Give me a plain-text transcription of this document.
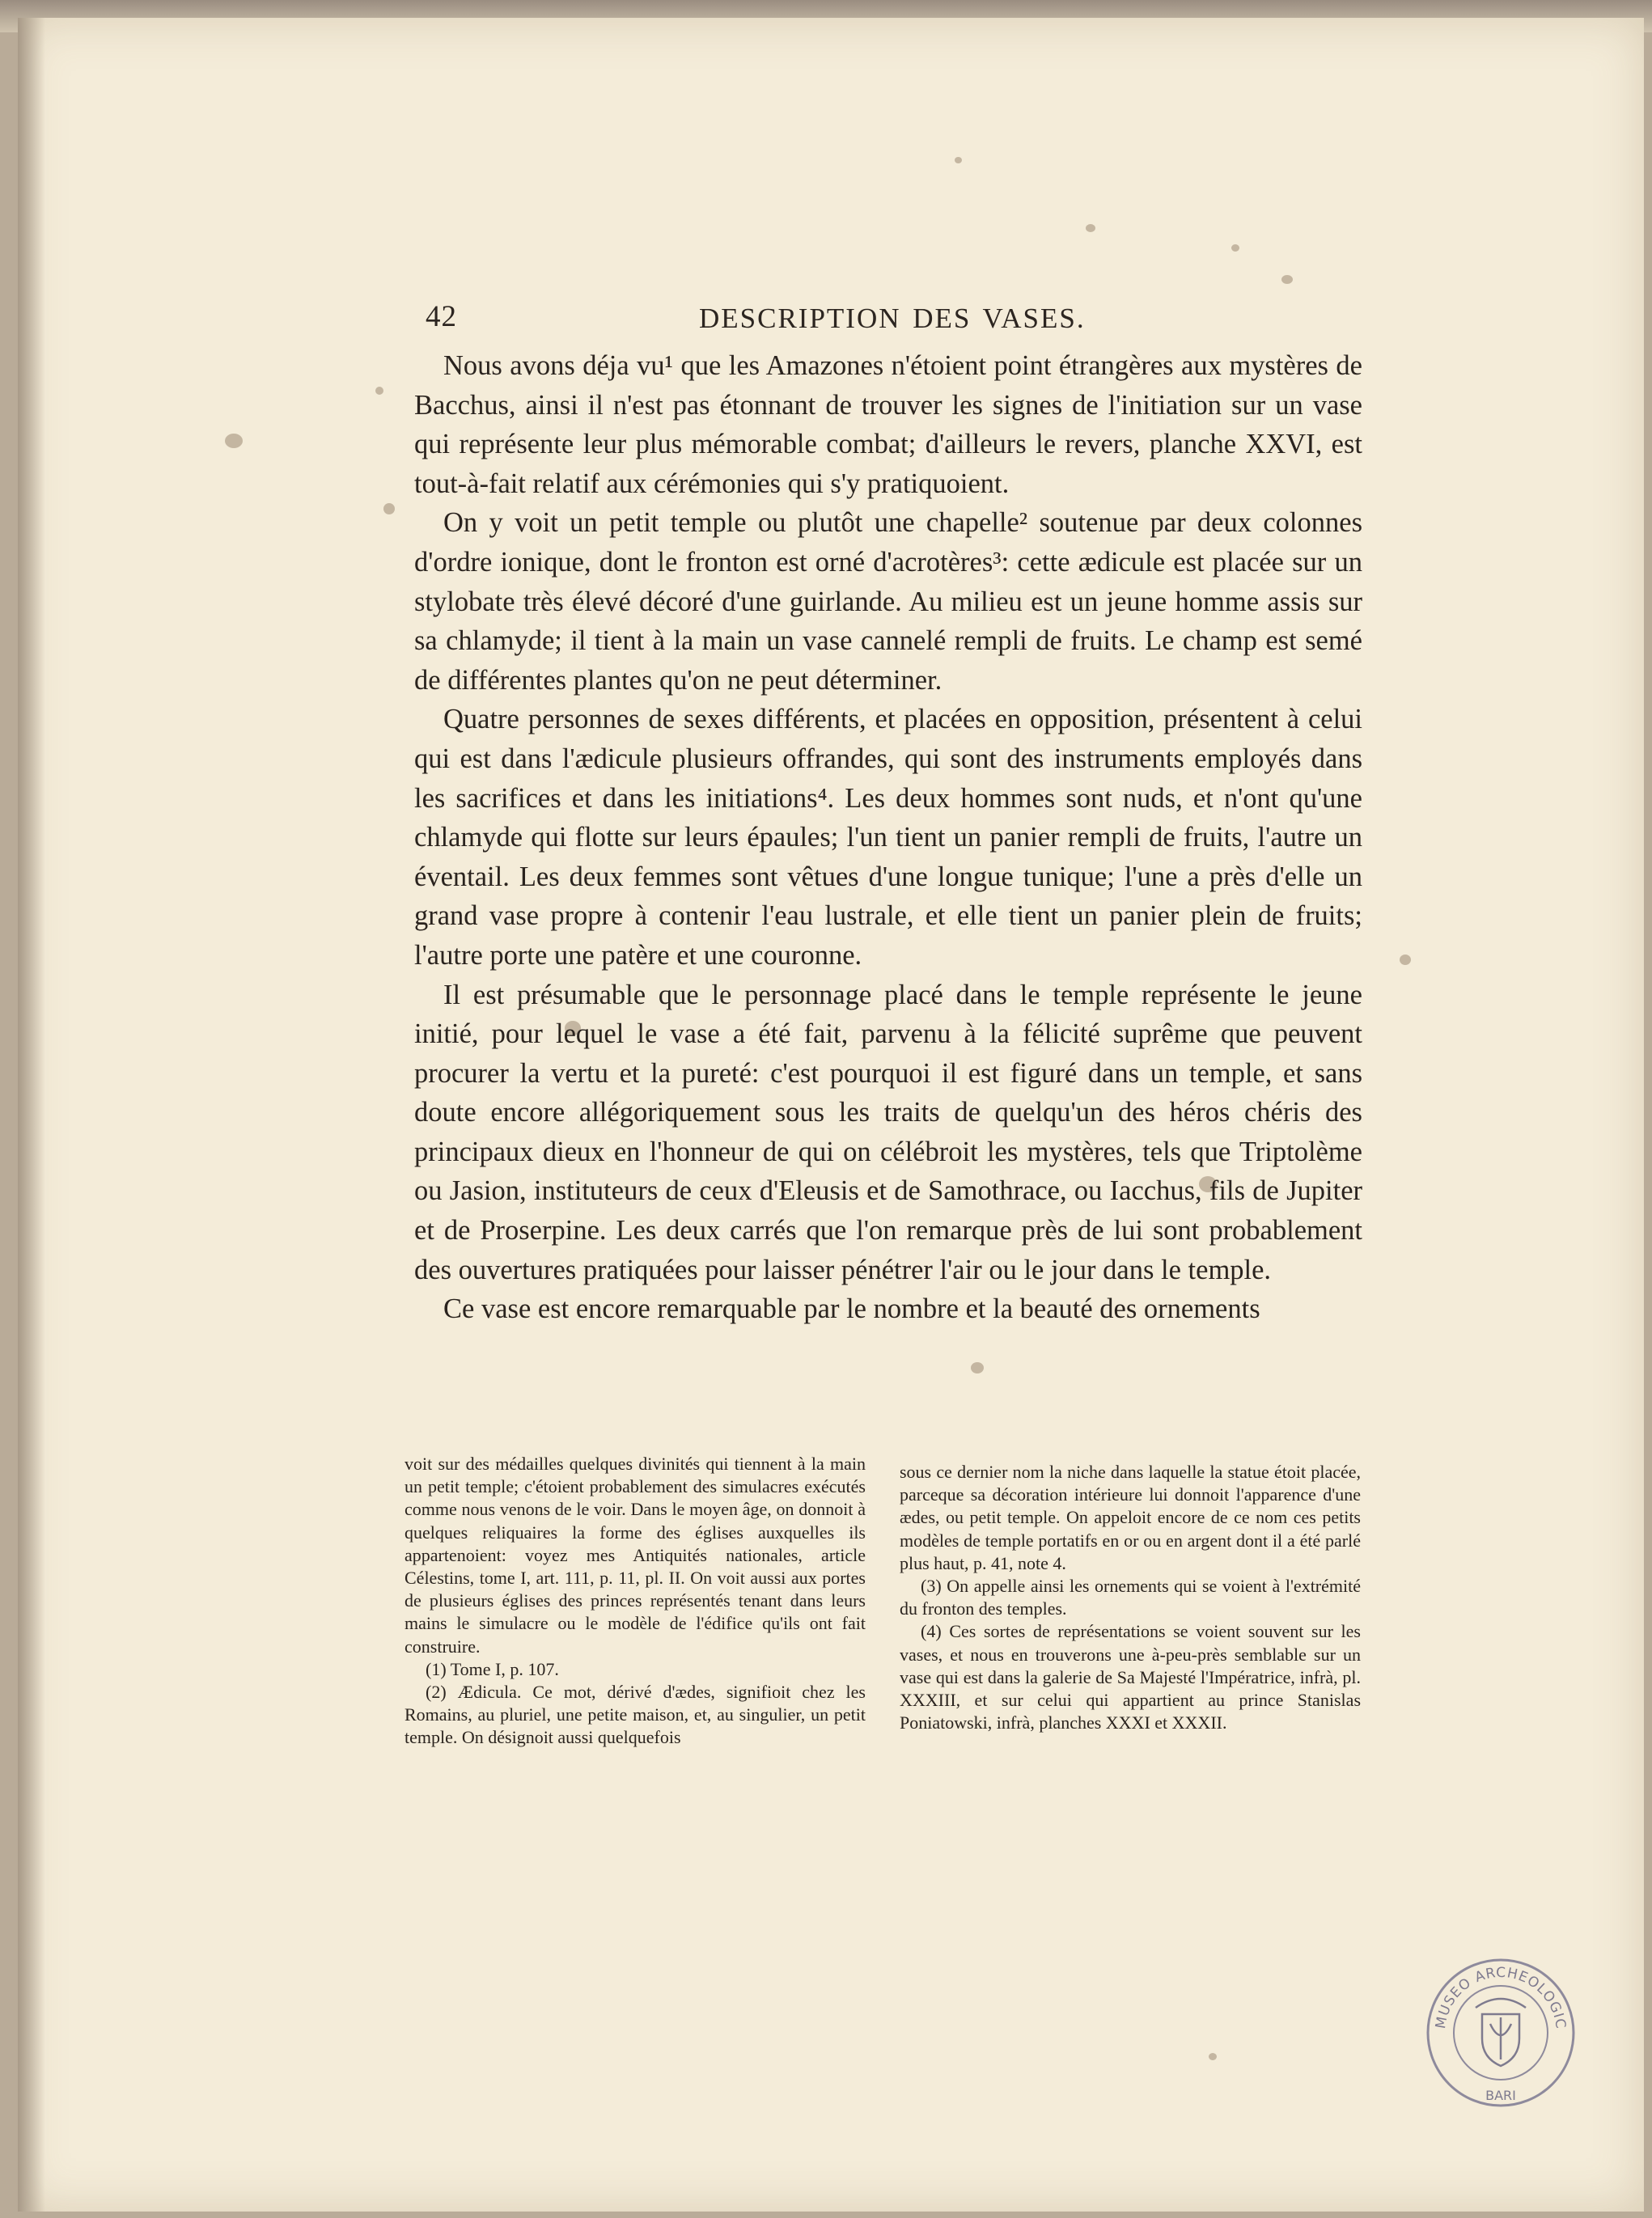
MUSEO ARCHEOLOGIC
BARI
42	DESCRIPTION DES VASES.

Nous avons déja vu¹ que les Amazones n'étoient point étrangères aux mystères de Bacchus, ainsi il n'est pas étonnant de trouver les signes de l'initiation sur un vase qui représente leur plus mémorable combat; d'ailleurs le revers, planche XXVI, est tout-à-fait relatif aux cérémonies qui s'y pratiquoient.

On y voit un petit temple ou plutôt une chapelle² soutenue par deux colonnes d'ordre ionique, dont le fronton est orné d'acrotères³: cette ædicule est placée sur un stylobate très élevé décoré d'une guirlande. Au milieu est un jeune homme assis sur sa chlamyde; il tient à la main un vase cannelé rempli de fruits. Le champ est semé de différentes plantes qu'on ne peut déterminer.

Quatre personnes de sexes différents, et placées en opposition, présentent à celui qui est dans l'ædicule plusieurs offrandes, qui sont des instruments employés dans les sacrifices et dans les initiations⁴. Les deux hommes sont nuds, et n'ont qu'une chlamyde qui flotte sur leurs épaules; l'un tient un panier rempli de fruits, l'autre un éventail. Les deux femmes sont vêtues d'une longue tunique; l'une a près d'elle un grand vase propre à contenir l'eau lustrale, et elle tient un panier plein de fruits; l'autre porte une patère et une couronne.

Il est présumable que le personnage placé dans le temple représente le jeune initié, pour lequel le vase a été fait, parvenu à la félicité suprême que peuvent procurer la vertu et la pureté: c'est pourquoi il est figuré dans un temple, et sans doute encore allégoriquement sous les traits de quelqu'un des héros chéris des principaux dieux en l'honneur de qui on célébroit les mystères, tels que Triptolème ou Jasion, instituteurs de ceux d'Eleusis et de Samothrace, ou Iacchus, fils de Jupiter et de Proserpine. Les deux carrés que l'on remarque près de lui sont probablement des ouvertures pratiquées pour laisser pénétrer l'air ou le jour dans le temple.

Ce vase est encore remarquable par le nombre et la beauté des ornements

voit sur des médailles quelques divinités qui tiennent à la main un petit temple; c'étoient probablement des simulacres exécutés comme nous venons de le voir. Dans le moyen âge, on donnoit à quelques reliquaires la forme des églises auxquelles ils appartenoient: voyez mes Antiquités nationales, article Célestins, tome I, art. 111, p. 11, pl. II. On voit aussi aux portes de plusieurs églises des princes représentés tenant dans leurs mains le simulacre ou le modèle de l'édifice qu'ils ont fait construire.

(1) Tome I, p. 107.

(2) Ædicula. Ce mot, dérivé d'ædes, signifioit chez les Romains, au pluriel, une petite maison, et, au singulier, un petit temple. On désignoit aussi quelquefois

sous ce dernier nom la niche dans laquelle la statue étoit placée, parceque sa décoration intérieure lui donnoit l'apparence d'une ædes, ou petit temple. On appeloit encore de ce nom ces petits modèles de temple portatifs en or ou en argent dont il a été parlé plus haut, p. 41, note 4.

(3) On appelle ainsi les ornements qui se voient à l'extrémité du fronton des temples.

(4) Ces sortes de représentations se voient souvent sur les vases, et nous en trouverons une à-peu-près semblable sur un vase qui est dans la galerie de Sa Majesté l'Impératrice, infrà, pl. XXXIII, et sur celui qui appartient au prince Stanislas Poniatowski, infrà, planches XXXI et XXXII.
